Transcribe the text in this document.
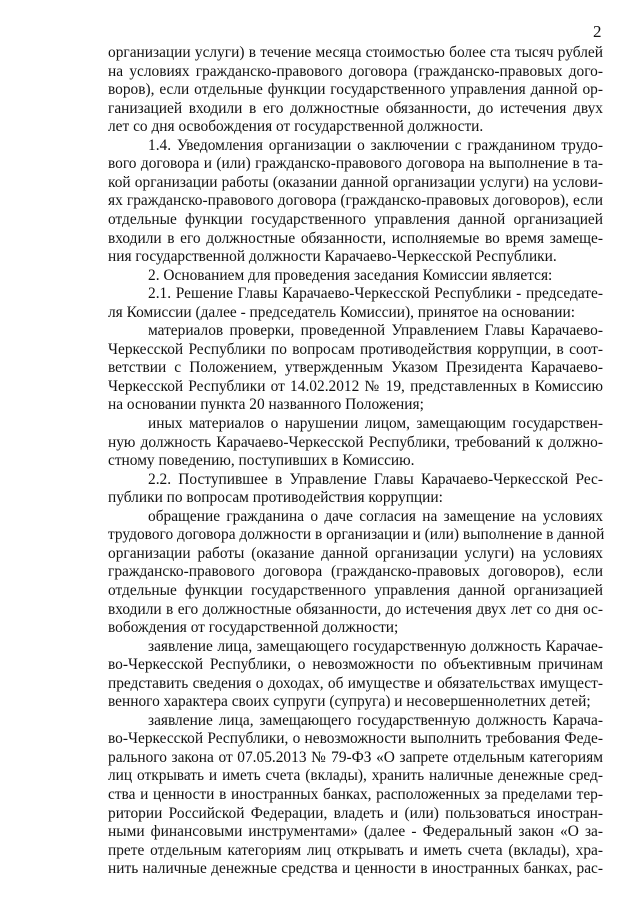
2
организации услуги) в течение месяца стоимостью более ста тысяч рублей
на условиях гражданско-правового договора (гражданско-правовых дого-
воров), если отдельные функции государственного управления данной ор-
ганизацией входили в его должностные обязанности, до истечения двух
лет со дня освобождения от государственной должности.
1.4. Уведомления организации о заключении с гражданином трудо-
вого договора и (или) гражданско-правового договора на выполнение в та-
кой организации работы (оказании данной организации услуги) на услови-
ях гражданско-правового договора (гражданско-правовых договоров), если
отдельные функции государственного управления данной организацией
входили в его должностные обязанности, исполняемые во время замеще-
ния государственной должности Карачаево-Черкесской Республики.
2. Основанием для проведения заседания Комиссии является:
2.1. Решение Главы Карачаево-Черкесской Республики - председате-
ля Комиссии (далее - председатель Комиссии), принятое на основании:
материалов проверки, проведенной Управлением Главы Карачаево-
Черкесской Республики по вопросам противодействия коррупции, в соот-
ветствии с Положением, утвержденным Указом Президента Карачаево-
Черкесской Республики от 14.02.2012 № 19, представленных в Комиссию
на основании пункта 20 названного Положения;
иных материалов о нарушении лицом, замещающим государствен-
ную должность Карачаево-Черкесской Республики, требований к должно-
стному поведению, поступивших в Комиссию.
2.2. Поступившее в Управление Главы Карачаево-Черкесской Рес-
публики по вопросам противодействия коррупции:
обращение гражданина о даче согласия на замещение на условиях
трудового договора должности в организации и (или) выполнение в данной
организации работы (оказание данной организации услуги) на условиях
гражданско-правового договора (гражданско-правовых договоров), если
отдельные функции государственного управления данной организацией
входили в его должностные обязанности, до истечения двух лет со дня ос-
вобождения от государственной должности;
заявление лица, замещающего государственную должность Карачае-
во-Черкесской Республики, о невозможности по объективным причинам
представить сведения о доходах, об имуществе и обязательствах имущест-
венного характера своих супруги (супруга) и несовершеннолетних детей;
заявление лица, замещающего государственную должность Карача-
во-Черкесской Республики, о невозможности выполнить требования Феде-
рального закона от 07.05.2013 № 79-ФЗ «О запрете отдельным категориям
лиц открывать и иметь счета (вклады), хранить наличные денежные сред-
ства и ценности в иностранных банках, расположенных за пределами тер-
ритории Российской Федерации, владеть и (или) пользоваться иностран-
ными финансовыми инструментами» (далее - Федеральный закон «О за-
прете отдельным категориям лиц открывать и иметь счета (вклады), хра-
нить наличные денежные средства и ценности в иностранных банках, рас-
